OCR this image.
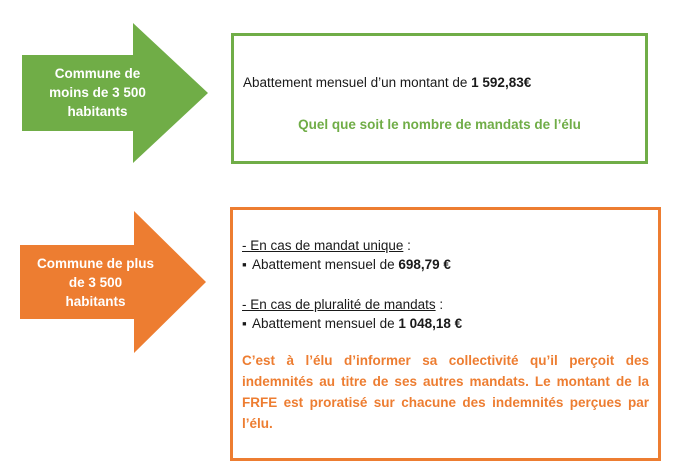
Commune de
moins de 3 500
habitants
Abattement mensuel d’un montant de 1 592,83€
Quel que soit le nombre de mandats de l’élu
Commune de plus
de 3 500
habitants
- En cas de mandat unique :
▪ Abattement mensuel de 698,79 €
- En cas de pluralité de mandats :
▪ Abattement mensuel de 1 048,18 €
C’est à l’élu d’informer sa collectivité qu’il perçoit des indemnités au titre de ses autres mandats. Le montant de la FRFE est proratisé sur chacune des indemnités perçues par l’élu.
